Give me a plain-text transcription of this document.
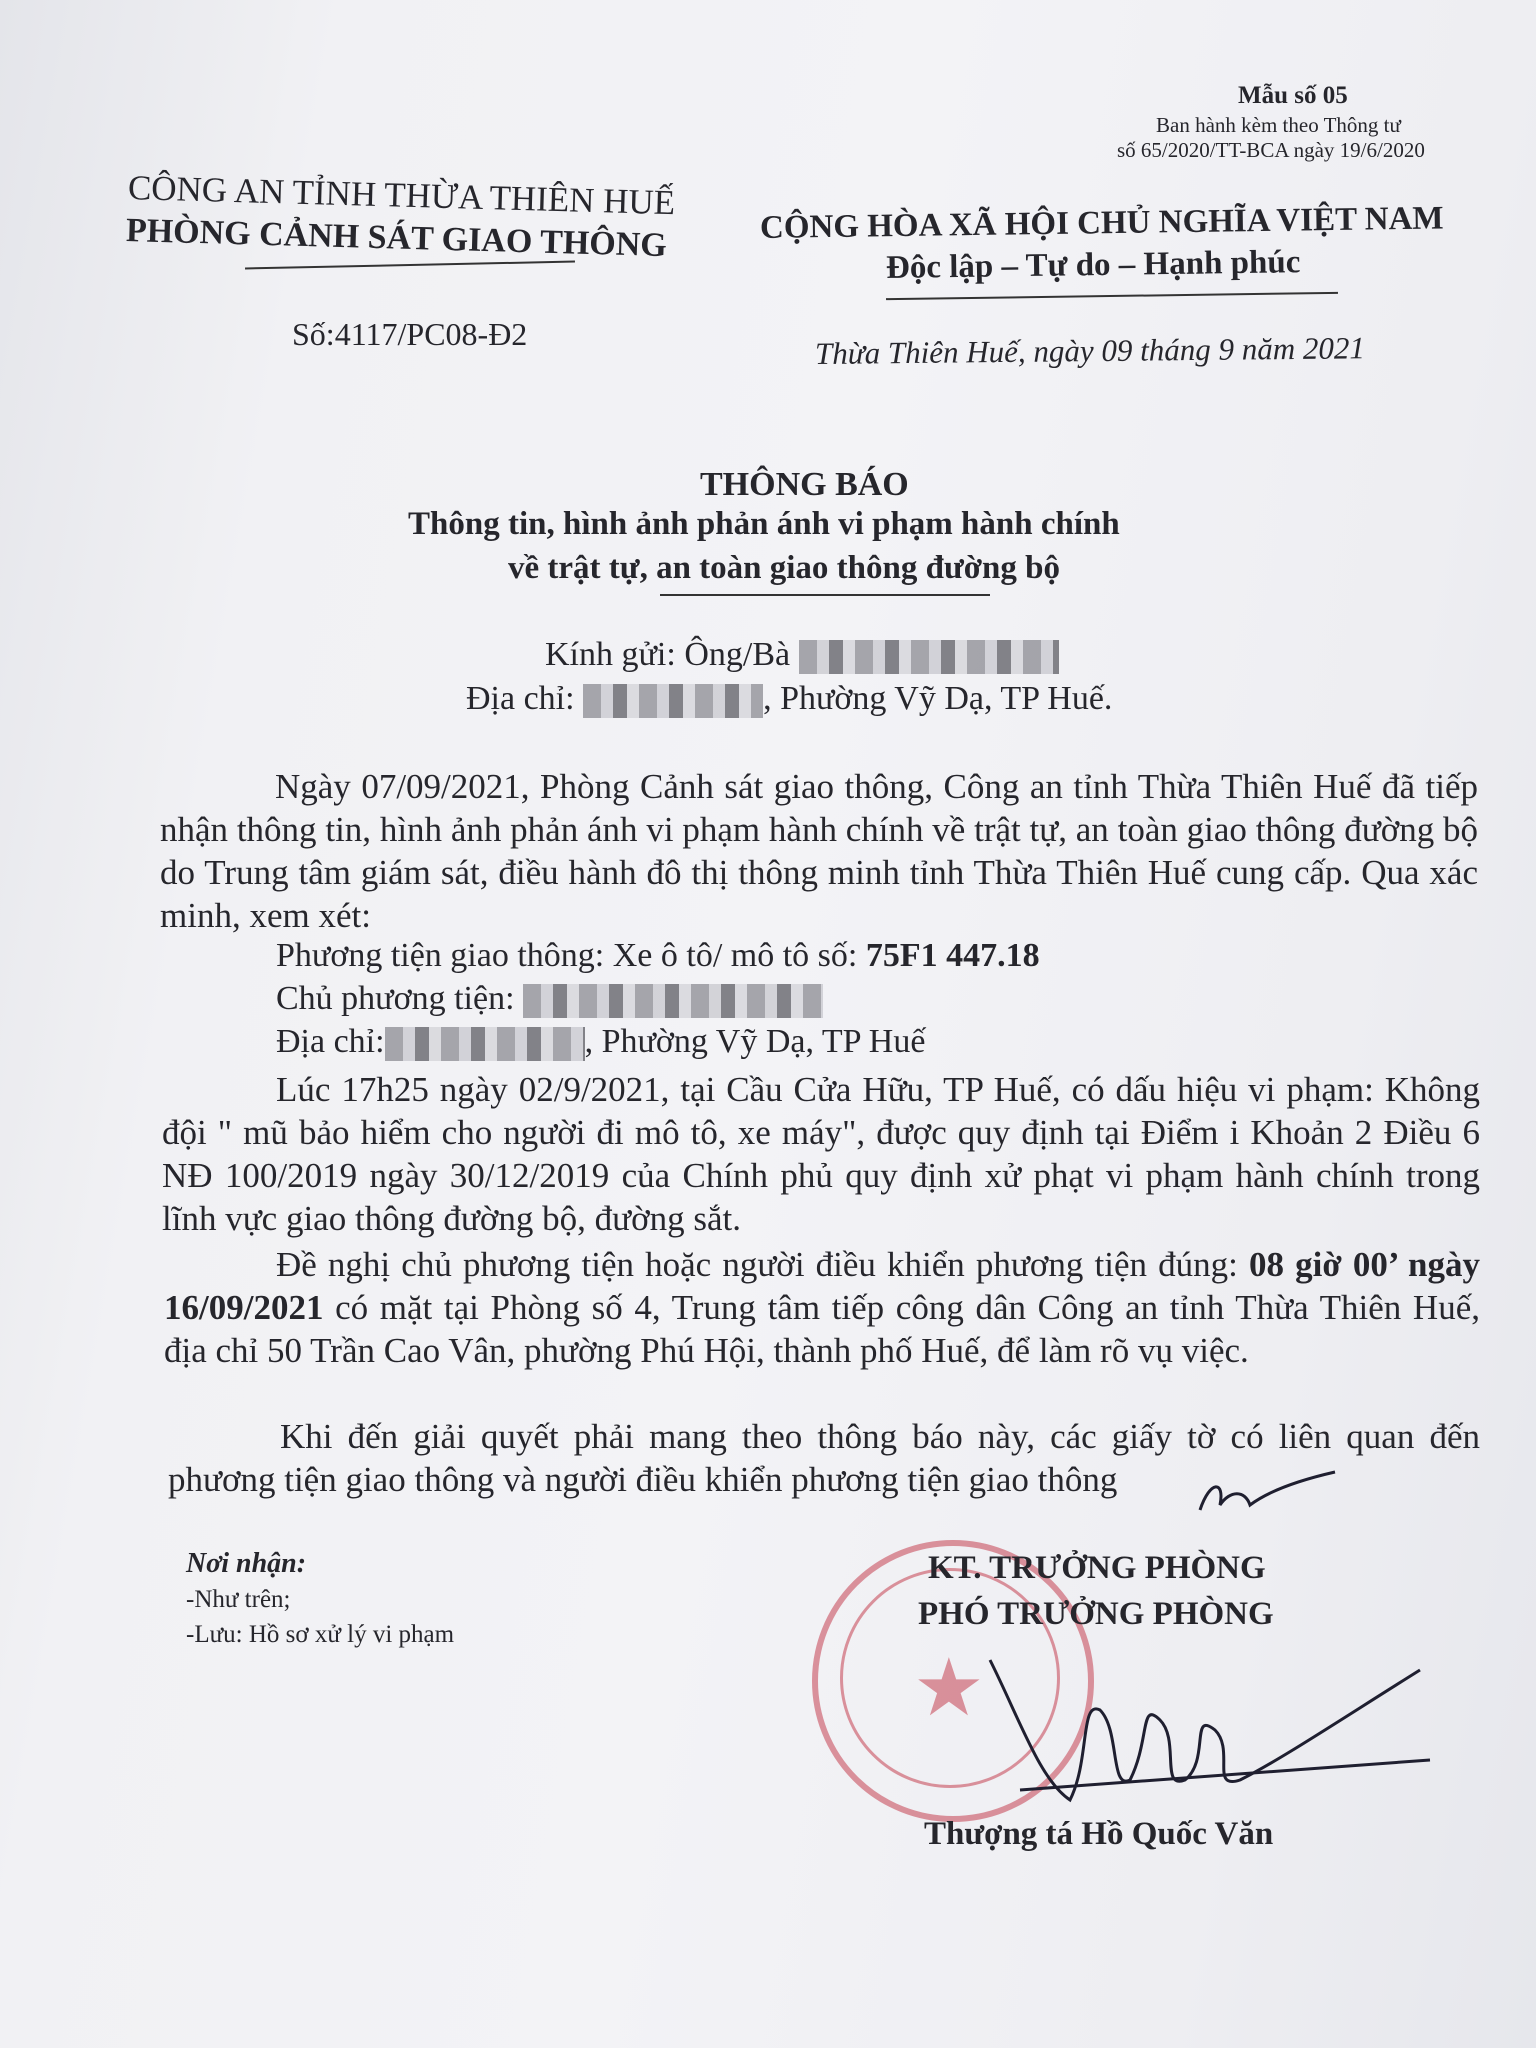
Mẫu số 05
Ban hành kèm theo Thông tư
số 65/2020/TT-BCA ngày 19/6/2020
CÔNG AN TỈNH THỪA THIÊN HUẾ
PHÒNG CẢNH SÁT GIAO THÔNG
Số:4117/PC08-Đ2
CỘNG HÒA XÃ HỘI CHỦ NGHĨA VIỆT NAM
Độc lập – Tự do – Hạnh phúc
Thừa Thiên Huế, ngày 09 tháng 9 năm 2021
THÔNG BÁO
Thông tin, hình ảnh phản ánh vi phạm hành chính
về trật tự, an toàn giao thông đường bộ
Kính gửi: Ông/Bà
Địa chỉ:	, Phường Vỹ Dạ, TP Huế.

Ngày 07/09/2021, Phòng Cảnh sát giao thông, Công an tỉnh Thừa Thiên Huế đã tiếp nhận thông tin, hình ảnh phản ánh vi phạm hành chính về trật tự, an toàn giao thông đường bộ do Trung tâm giám sát, điều hành đô thị thông minh tỉnh Thừa Thiên Huế cung cấp. Qua xác minh, xem xét:

Phương tiện giao thông: Xe ô tô/ mô tô số: 75F1 447.18
Chủ phương tiện:
Địa chỉ:	, Phường Vỹ Dạ, TP Huế

Lúc 17h25 ngày 02/9/2021, tại Cầu Cửa Hữu, TP Huế, có dấu hiệu vi phạm: Không đội " mũ bảo hiểm cho người đi mô tô, xe máy", được quy định tại Điểm i Khoản 2 Điều 6 NĐ 100/2019 ngày 30/12/2019 của Chính phủ quy định xử phạt vi phạm hành chính trong lĩnh vực giao thông đường bộ, đường sắt.

Đề nghị chủ phương tiện hoặc người điều khiển phương tiện đúng: 08 giờ 00’ ngày 16/09/2021 có mặt tại Phòng số 4, Trung tâm tiếp công dân Công an tỉnh Thừa Thiên Huế, địa chỉ 50 Trần Cao Vân, phường Phú Hội, thành phố Huế, để làm rõ vụ việc.

Khi đến giải quyết phải mang theo thông báo này, các giấy tờ có liên quan đến phương tiện giao thông và người điều khiển phương tiện giao thông

Nơi nhận:
-Như trên;
-Lưu: Hồ sơ xử lý vi phạm
★
KT. TRƯỞNG PHÒNG
PHÓ TRƯỞNG PHÒNG
Thượng tá Hồ Quốc Văn
